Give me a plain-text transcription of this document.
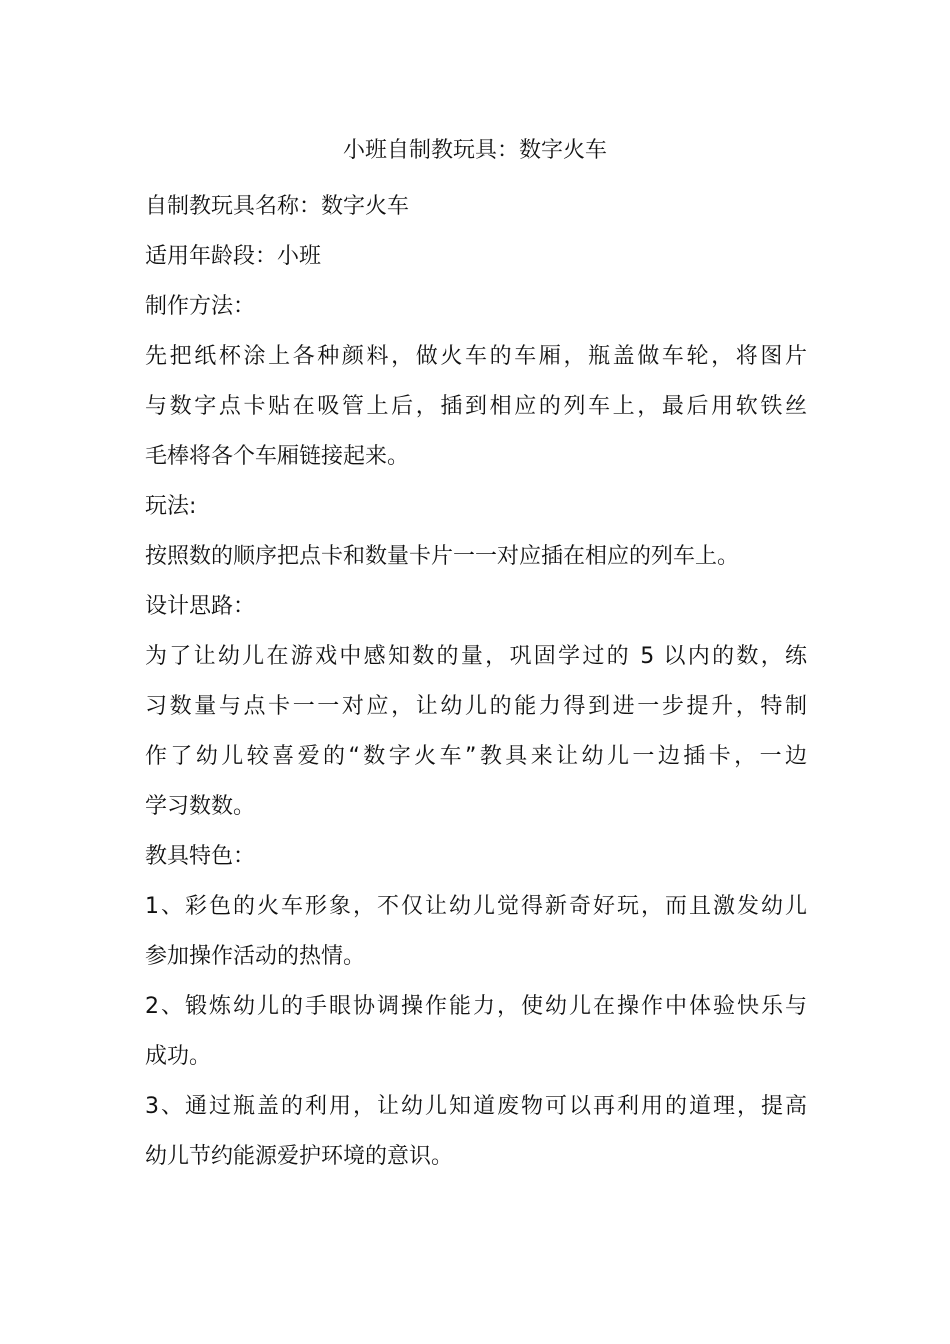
小班自制教玩具：数字火车
自制教玩具名称：数字火车
适用年龄段：小班
制作方法：
先把纸杯涂上各种颜料，做火车的车厢，瓶盖做车轮，将图片
与数字点卡贴在吸管上后，插到相应的列车上，最后用软铁丝
毛棒将各个车厢链接起来。
玩法:
按照数的顺序把点卡和数量卡片一一对应插在相应的列车上。
设计思路：
为了让幼儿在游戏中感知数的量，巩固学过的 5 以内的数，练
习数量与点卡一一对应，让幼儿的能力得到进一步提升，特制
作了幼儿较喜爱的“数字火车”教具来让幼儿一边插卡，一边
学习数数。
教具特色：
1、彩色的火车形象，不仅让幼儿觉得新奇好玩，而且激发幼儿
参加操作活动的热情。
2、锻炼幼儿的手眼协调操作能力，使幼儿在操作中体验快乐与
成功。
3、通过瓶盖的利用，让幼儿知道废物可以再利用的道理，提高
幼儿节约能源爱护环境的意识。
